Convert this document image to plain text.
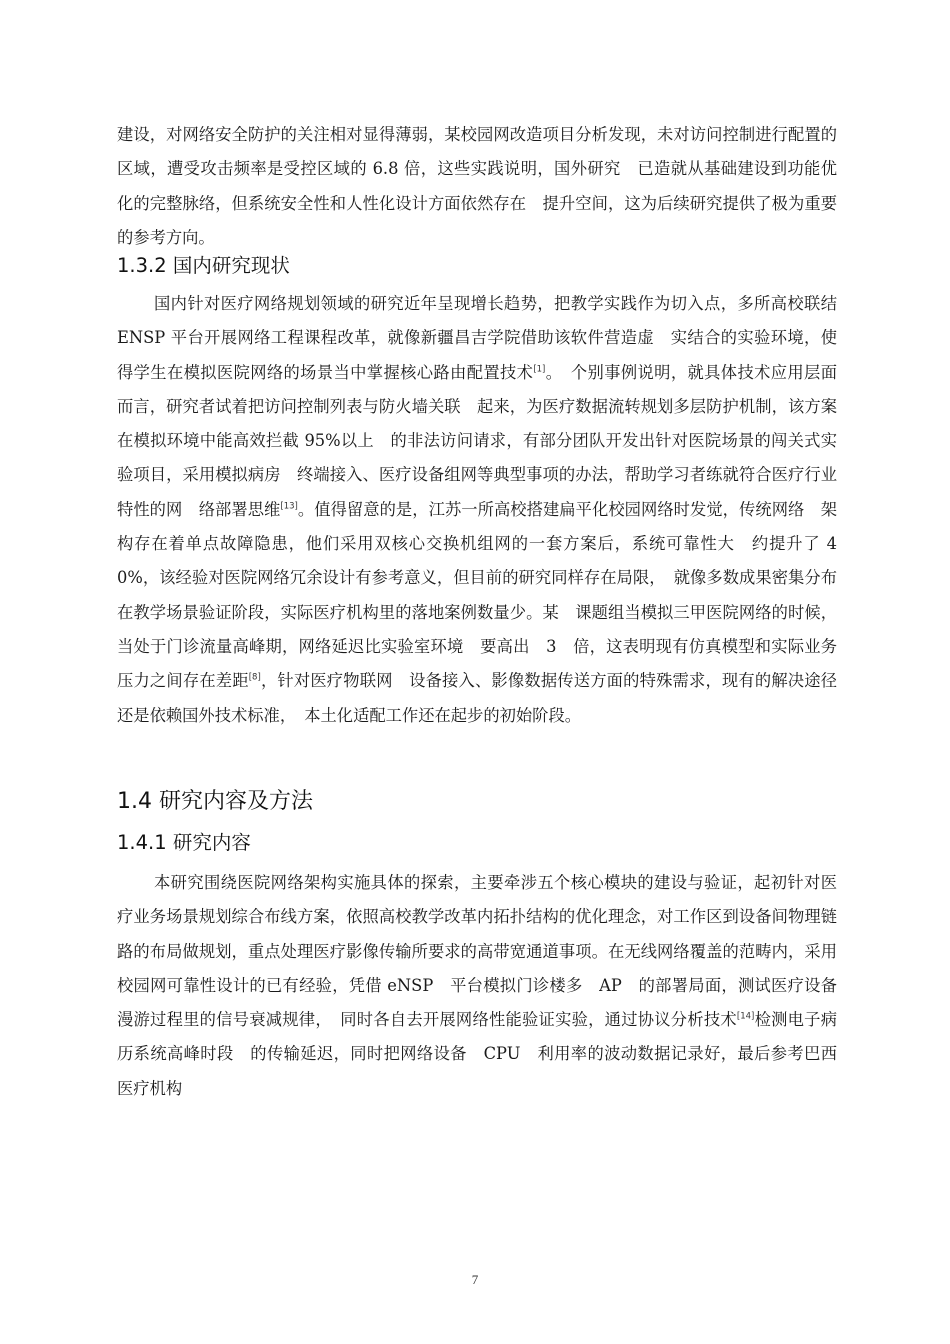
建设，对网络安全防护的关注相对显得薄弱，某校园网改造项目分析发现，未对访问控制进行配置的区域，遭受攻击频率是受控区域的 6.8 倍，这些实践说明，国外研究　已造就从基础建设到功能优化的完整脉络，但系统安全性和人性化设计方面依然存在　提升空间，这为后续研究提供了极为重要的参考方向。

1.3.2 国内研究现状

国内针对医疗网络规划领域的研究近年呈现增长趋势，把教学实践作为切入点，多所高校联结 ENSP 平台开展网络工程课程改革，就像新疆昌吉学院借助该软件营造虚　实结合的实验环境，使得学生在模拟医院网络的场景当中掌握核心路由配置技术[1]。　个别事例说明，就具体技术应用层面而言，研究者试着把访问控制列表与防火墙关联　起来，为医疗数据流转规划多层防护机制，该方案在模拟环境中能高效拦截 95%以上　的非法访问请求，有部分团队开发出针对医院场景的闯关式实验项目，采用模拟病房　终端接入、医疗设备组网等典型事项的办法，帮助学习者练就符合医疗行业特性的网　络部署思维[13]。值得留意的是，江苏一所高校搭建扁平化校园网络时发觉，传统网络　架构存在着单点故障隐患，他们采用双核心交换机组网的一套方案后，系统可靠性大　约提升了 40%，该经验对医院网络冗余设计有参考意义，但目前的研究同样存在局限，　就像多数成果密集分布在教学场景验证阶段，实际医疗机构里的落地案例数量少。某　课题组当模拟三甲医院网络的时候，当处于门诊流量高峰期，网络延迟比实验室环境　要高出　3　倍，这表明现有仿真模型和实际业务压力之间存在差距[8]，针对医疗物联网　设备接入、影像数据传送方面的特殊需求，现有的解决途径还是依赖国外技术标准，　本土化适配工作还在起步的初始阶段。

1.4 研究内容及方法
1.4.1 研究内容

本研究围绕医院网络架构实施具体的探索，主要牵涉五个核心模块的建设与验证，起初针对医疗业务场景规划综合布线方案，依照高校教学改革内拓扑结构的优化理念，对工作区到设备间物理链路的布局做规划，重点处理医疗影像传输所要求的高带宽通道事项。在无线网络覆盖的范畴内，采用校园网可靠性设计的已有经验，凭借 eNSP　平台模拟门诊楼多　AP　的部署局面，测试医疗设备漫游过程里的信号衰减规律，　同时各自去开展网络性能验证实验，通过协议分析技术[14]检测电子病历系统高峰时段　的传输延迟，同时把网络设备　CPU　利用率的波动数据记录好，最后参考巴西医疗机构

7
